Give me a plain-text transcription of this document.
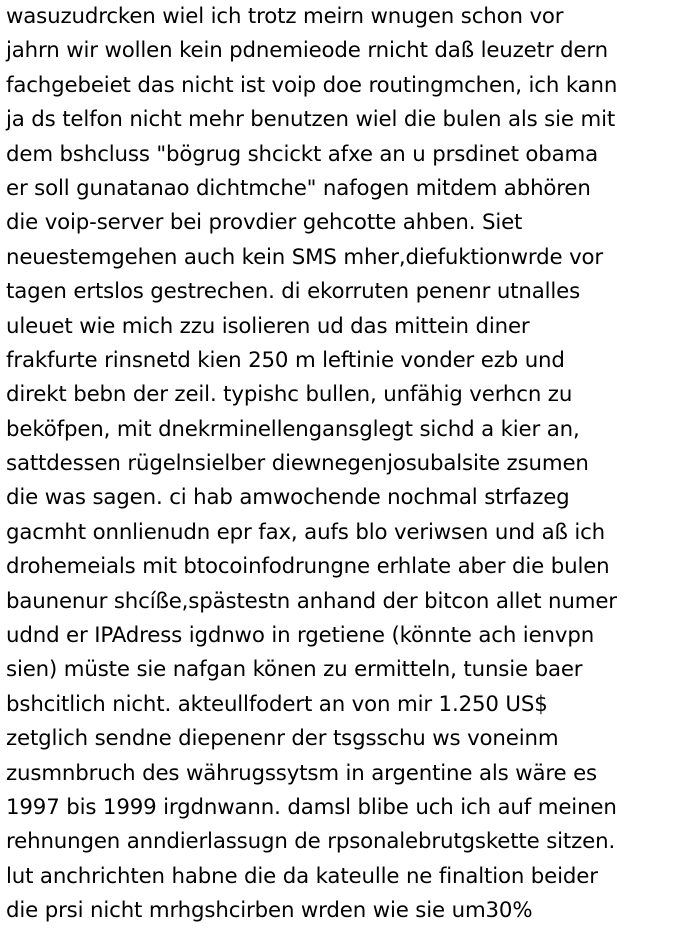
wasuzudrcken wiel ich trotz meirn wnugen schon vor
jahrn wir wollen kein pdnemieode rnicht daß leuzetr dern
fachgebeiet das nicht ist voip doe routingmchen, ich kann
ja ds telfon nicht mehr benutzen wiel die bulen als sie mit
dem bshcluss "bögrug shcickt afxe an u prsdinet obama
er soll gunatanao dichtmche" nafogen mitdem abhören
die voip-server bei provdier gehcotte ahben. Siet
neuestemgehen auch kein SMS mher,diefuktionwrde vor
tagen ertslos gestrechen. di ekorruten penenr utnalles
uleuet wie mich zzu isolieren ud das mittein diner
frakfurte rinsnetd kien 250 m leftinie vonder ezb und
direkt bebn der zeil. typishc bullen, unfähig verhcn zu
beköfpen, mit dnekrminellengansglegt sichd a kier an,
sattdessen rügelnsielber diewnegenjosubalsite zsumen
die was sagen. ci hab amwochende nochmal strfazeg
gacmht onnlienudn epr fax, aufs blo veriwsen und aß ich
drohemeials mit btocoinfodrungne erhlate aber die bulen
baunenur shcíße,spästestn anhand der bitcon allet numer
udnd er IPAdress igdnwo in rgetiene (könnte ach ienvpn
sien) müste sie nafgan könen zu ermitteln, tunsie baer
bshcitlich nicht. akteullfodert an von mir 1.250 US$
zetglich sendne diepenenr der tsgsschu ws voneinm
zusmnbruch des währugssytsm in argentine als wäre es
1997 bis 1999 irgdnwann. damsl blibe uch ich auf meinen
rehnungen anndierlassugn de rpsonalebrutgskette sitzen.
lut anchrichten habne die da kateulle ne finaltion beider
die prsi nicht mrhgshcirben wrden wie sie um30%
